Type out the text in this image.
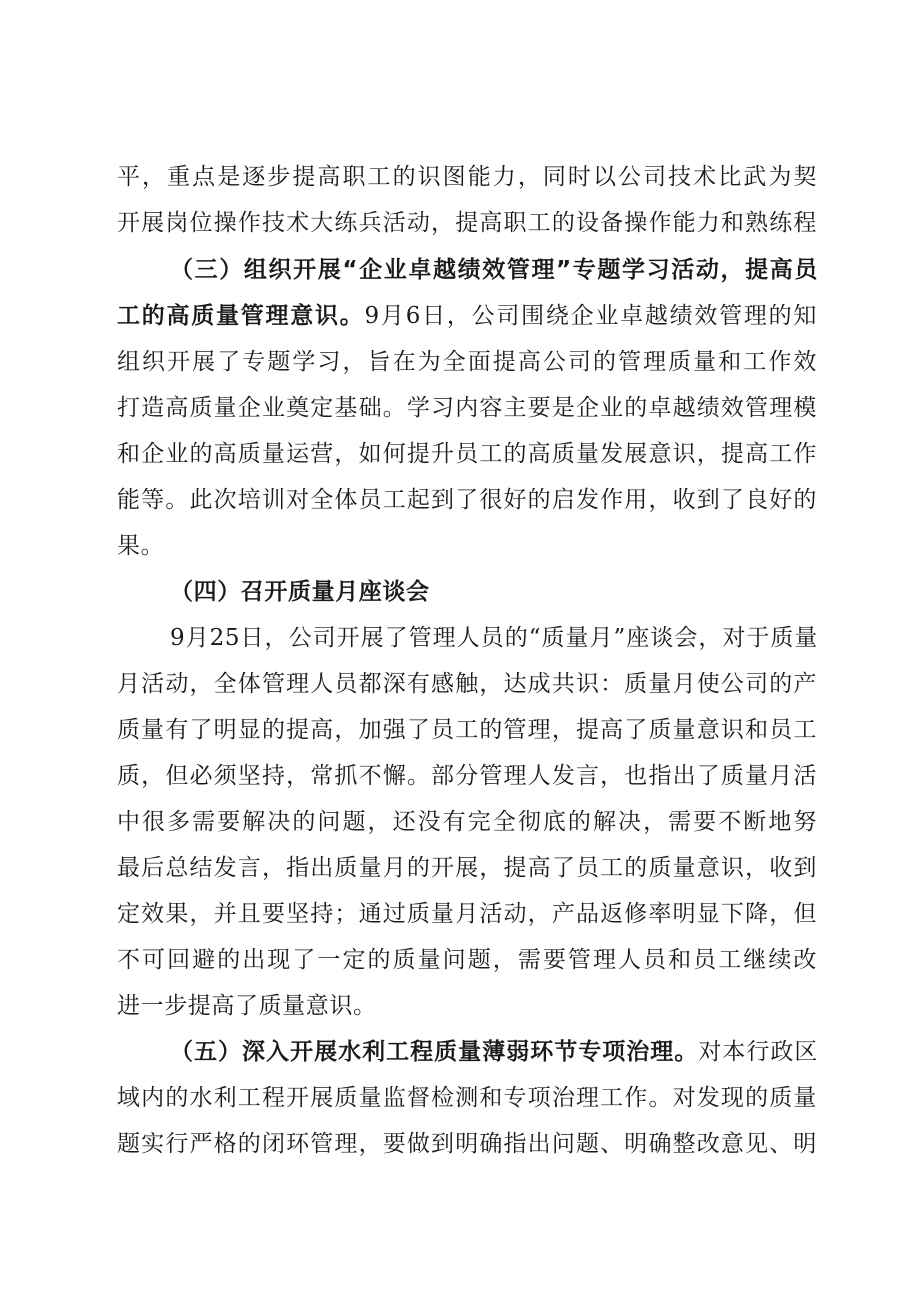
平，重点是逐步提高职工的识图能力，同时以公司技术比武为契
开展岗位操作技术大练兵活动，提高职工的设备操作能力和熟练程
（三）组织开展“企业卓越绩效管理”专题学习活动，提高员
工的高质量管理意识。9月6日，公司围绕企业卓越绩效管理的知
组织开展了专题学习，旨在为全面提高公司的管理质量和工作效
打造高质量企业奠定基础。学习内容主要是企业的卓越绩效管理模
和企业的高质量运营，如何提升员工的高质量发展意识，提高工作
能等。此次培训对全体员工起到了很好的启发作用，收到了良好的
果。
（四）召开质量月座谈会
9月25日，公司开展了管理人员的“质量月”座谈会，对于质量
月活动，全体管理人员都深有感触，达成共识：质量月使公司的产
质量有了明显的提高，加强了员工的管理，提高了质量意识和员工
质，但必须坚持，常抓不懈。部分管理人发言，也指出了质量月活
中很多需要解决的问题，还没有完全彻底的解决，需要不断地努
最后总结发言，指出质量月的开展，提高了员工的质量意识，收到
定效果，并且要坚持；通过质量月活动，产品返修率明显下降，但
不可回避的出现了一定的质量问题，需要管理人员和员工继续改
进一步提高了质量意识。
（五）深入开展水利工程质量薄弱环节专项治理。对本行政区
域内的水利工程开展质量监督检测和专项治理工作。对发现的质量
题实行严格的闭环管理，要做到明确指出问题、明确整改意见、明
